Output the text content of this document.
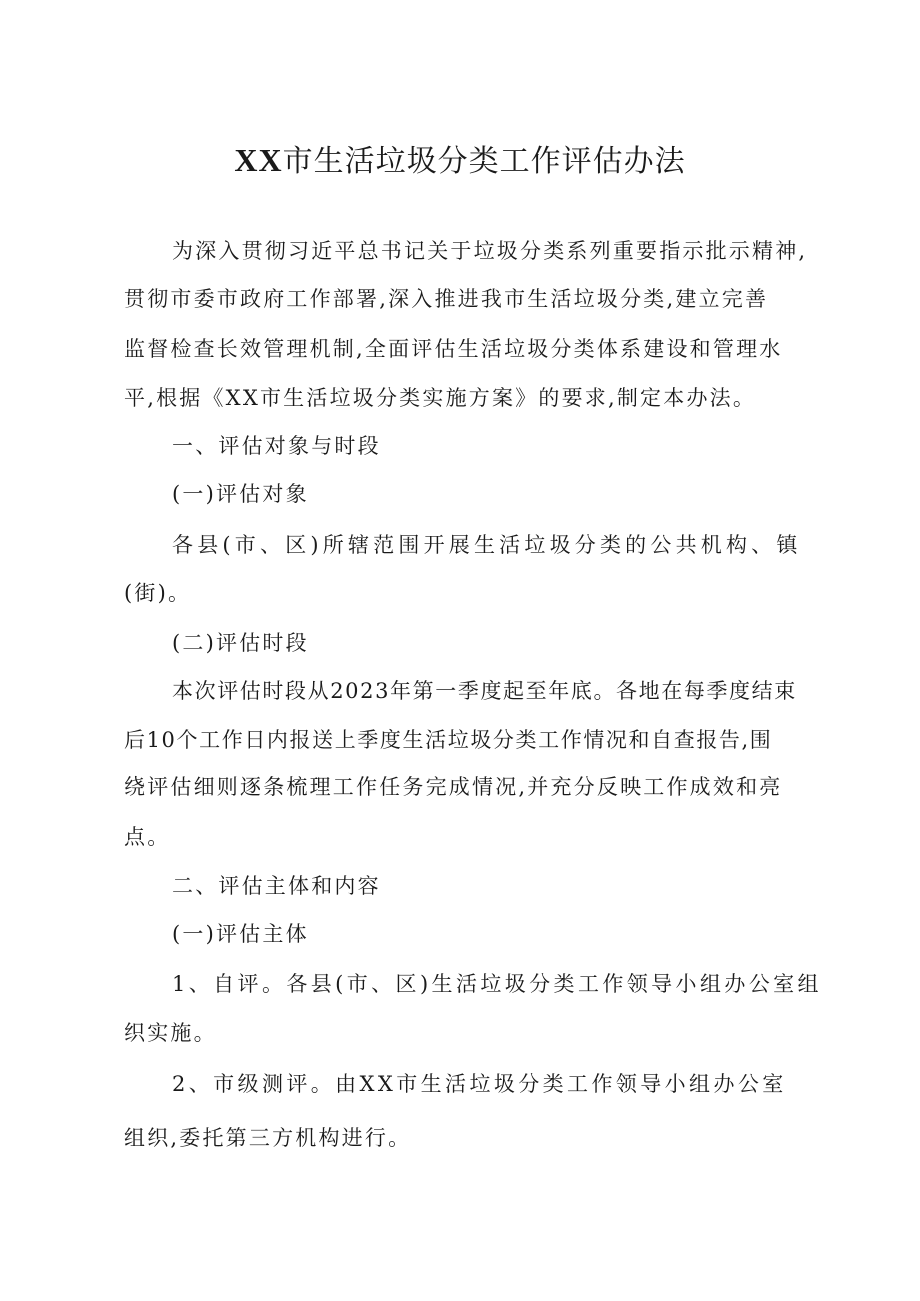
XX市生活垃圾分类工作评估办法
为深入贯彻习近平总书记关于垃圾分类系列重要指示批示精神,
贯彻市委市政府工作部署,深入推进我市生活垃圾分类,建立完善
监督检查长效管理机制,全面评估生活垃圾分类体系建设和管理水
平,根据《XX市生活垃圾分类实施方案》的要求,制定本办法。
一、评估对象与时段
(一)评估对象
各县(市、区)所辖范围开展生活垃圾分类的公共机构、镇
(街)。
(二)评估时段
本次评估时段从2023年第一季度起至年底。各地在每季度结束
后10个工作日内报送上季度生活垃圾分类工作情况和自查报告,围
绕评估细则逐条梳理工作任务完成情况,并充分反映工作成效和亮
点。
二、评估主体和内容
(一)评估主体
1、自评。各县(市、区)生活垃圾分类工作领导小组办公室组
织实施。
2、市级测评。由XX市生活垃圾分类工作领导小组办公室
组织,委托第三方机构进行。
